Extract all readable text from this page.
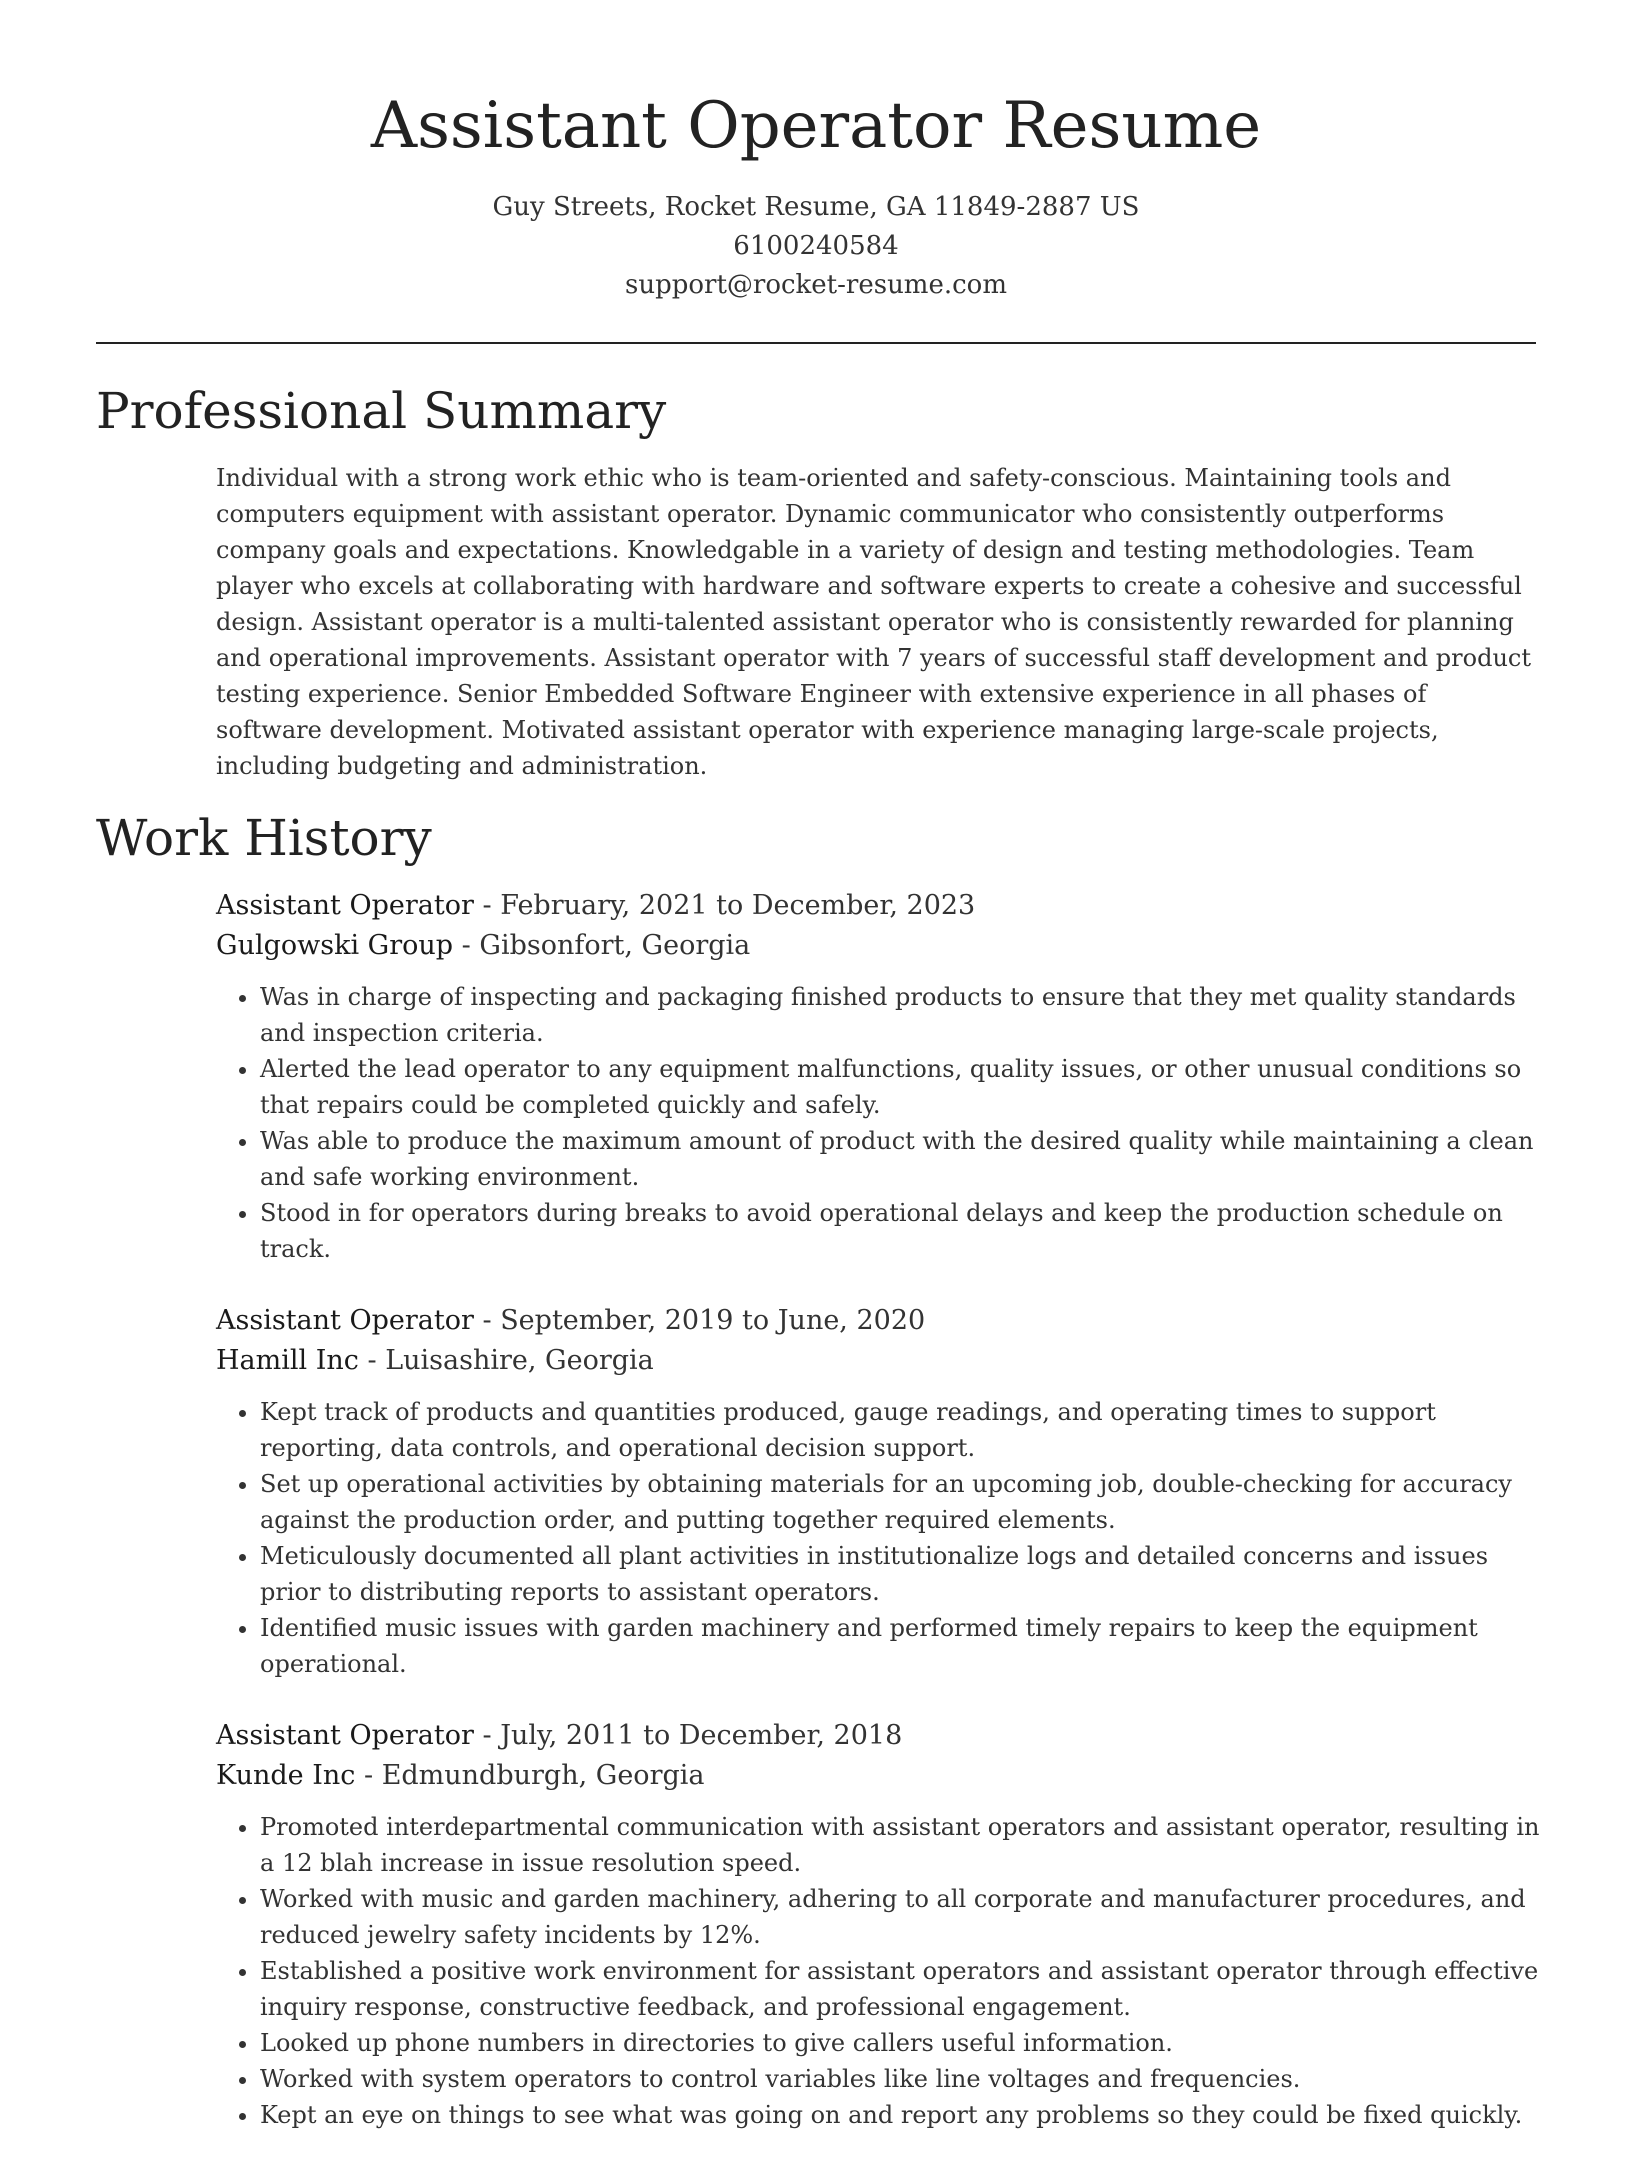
Assistant Operator Resume
Guy Streets, Rocket Resume, GA 11849-2887 US
6100240584
support@rocket-resume.com
Professional Summary

Individual with a strong work ethic who is team-oriented and safety-conscious. Maintaining tools and computers equipment with assistant operator. Dynamic communicator who consistently outperforms company goals and expectations. Knowledgable in a variety of design and testing methodologies. Team player who excels at collaborating with hardware and software experts to create a cohesive and successful design. Assistant operator is a multi-talented assistant operator who is consistently rewarded for planning and operational improvements. Assistant operator with 7 years of successful staff development and product testing experience. Senior Embedded Software Engineer with extensive experience in all phases of software development. Motivated assistant operator with experience managing large-scale projects, including budgeting and administration.

Work History
Assistant Operator - February, 2021 to December, 2023
Gulgowski Group - Gibsonfort, Georgia
• Was in charge of inspecting and packaging finished products to ensure that they met quality standards and inspection criteria.
• Alerted the lead operator to any equipment malfunctions, quality issues, or other unusual conditions so that repairs could be completed quickly and safely.
• Was able to produce the maximum amount of product with the desired quality while maintaining a clean and safe working environment.
• Stood in for operators during breaks to avoid operational delays and keep the production schedule on track.
Assistant Operator - September, 2019 to June, 2020
Hamill Inc - Luisashire, Georgia
• Kept track of products and quantities produced, gauge readings, and operating times to support reporting, data controls, and operational decision support.
• Set up operational activities by obtaining materials for an upcoming job, double-checking for accuracy against the production order, and putting together required elements.
• Meticulously documented all plant activities in institutionalize logs and detailed concerns and issues prior to distributing reports to assistant operators.
• Identified music issues with garden machinery and performed timely repairs to keep the equipment operational.
Assistant Operator - July, 2011 to December, 2018
Kunde Inc - Edmundburgh, Georgia
• Promoted interdepartmental communication with assistant operators and assistant operator, resulting in a 12 blah increase in issue resolution speed.
• Worked with music and garden machinery, adhering to all corporate and manufacturer procedures, and reduced jewelry safety incidents by 12%.
• Established a positive work environment for assistant operators and assistant operator through effective inquiry response, constructive feedback, and professional engagement.
• Looked up phone numbers in directories to give callers useful information.
• Worked with system operators to control variables like line voltages and frequencies.
• Kept an eye on things to see what was going on and report any problems so they could be fixed quickly.
